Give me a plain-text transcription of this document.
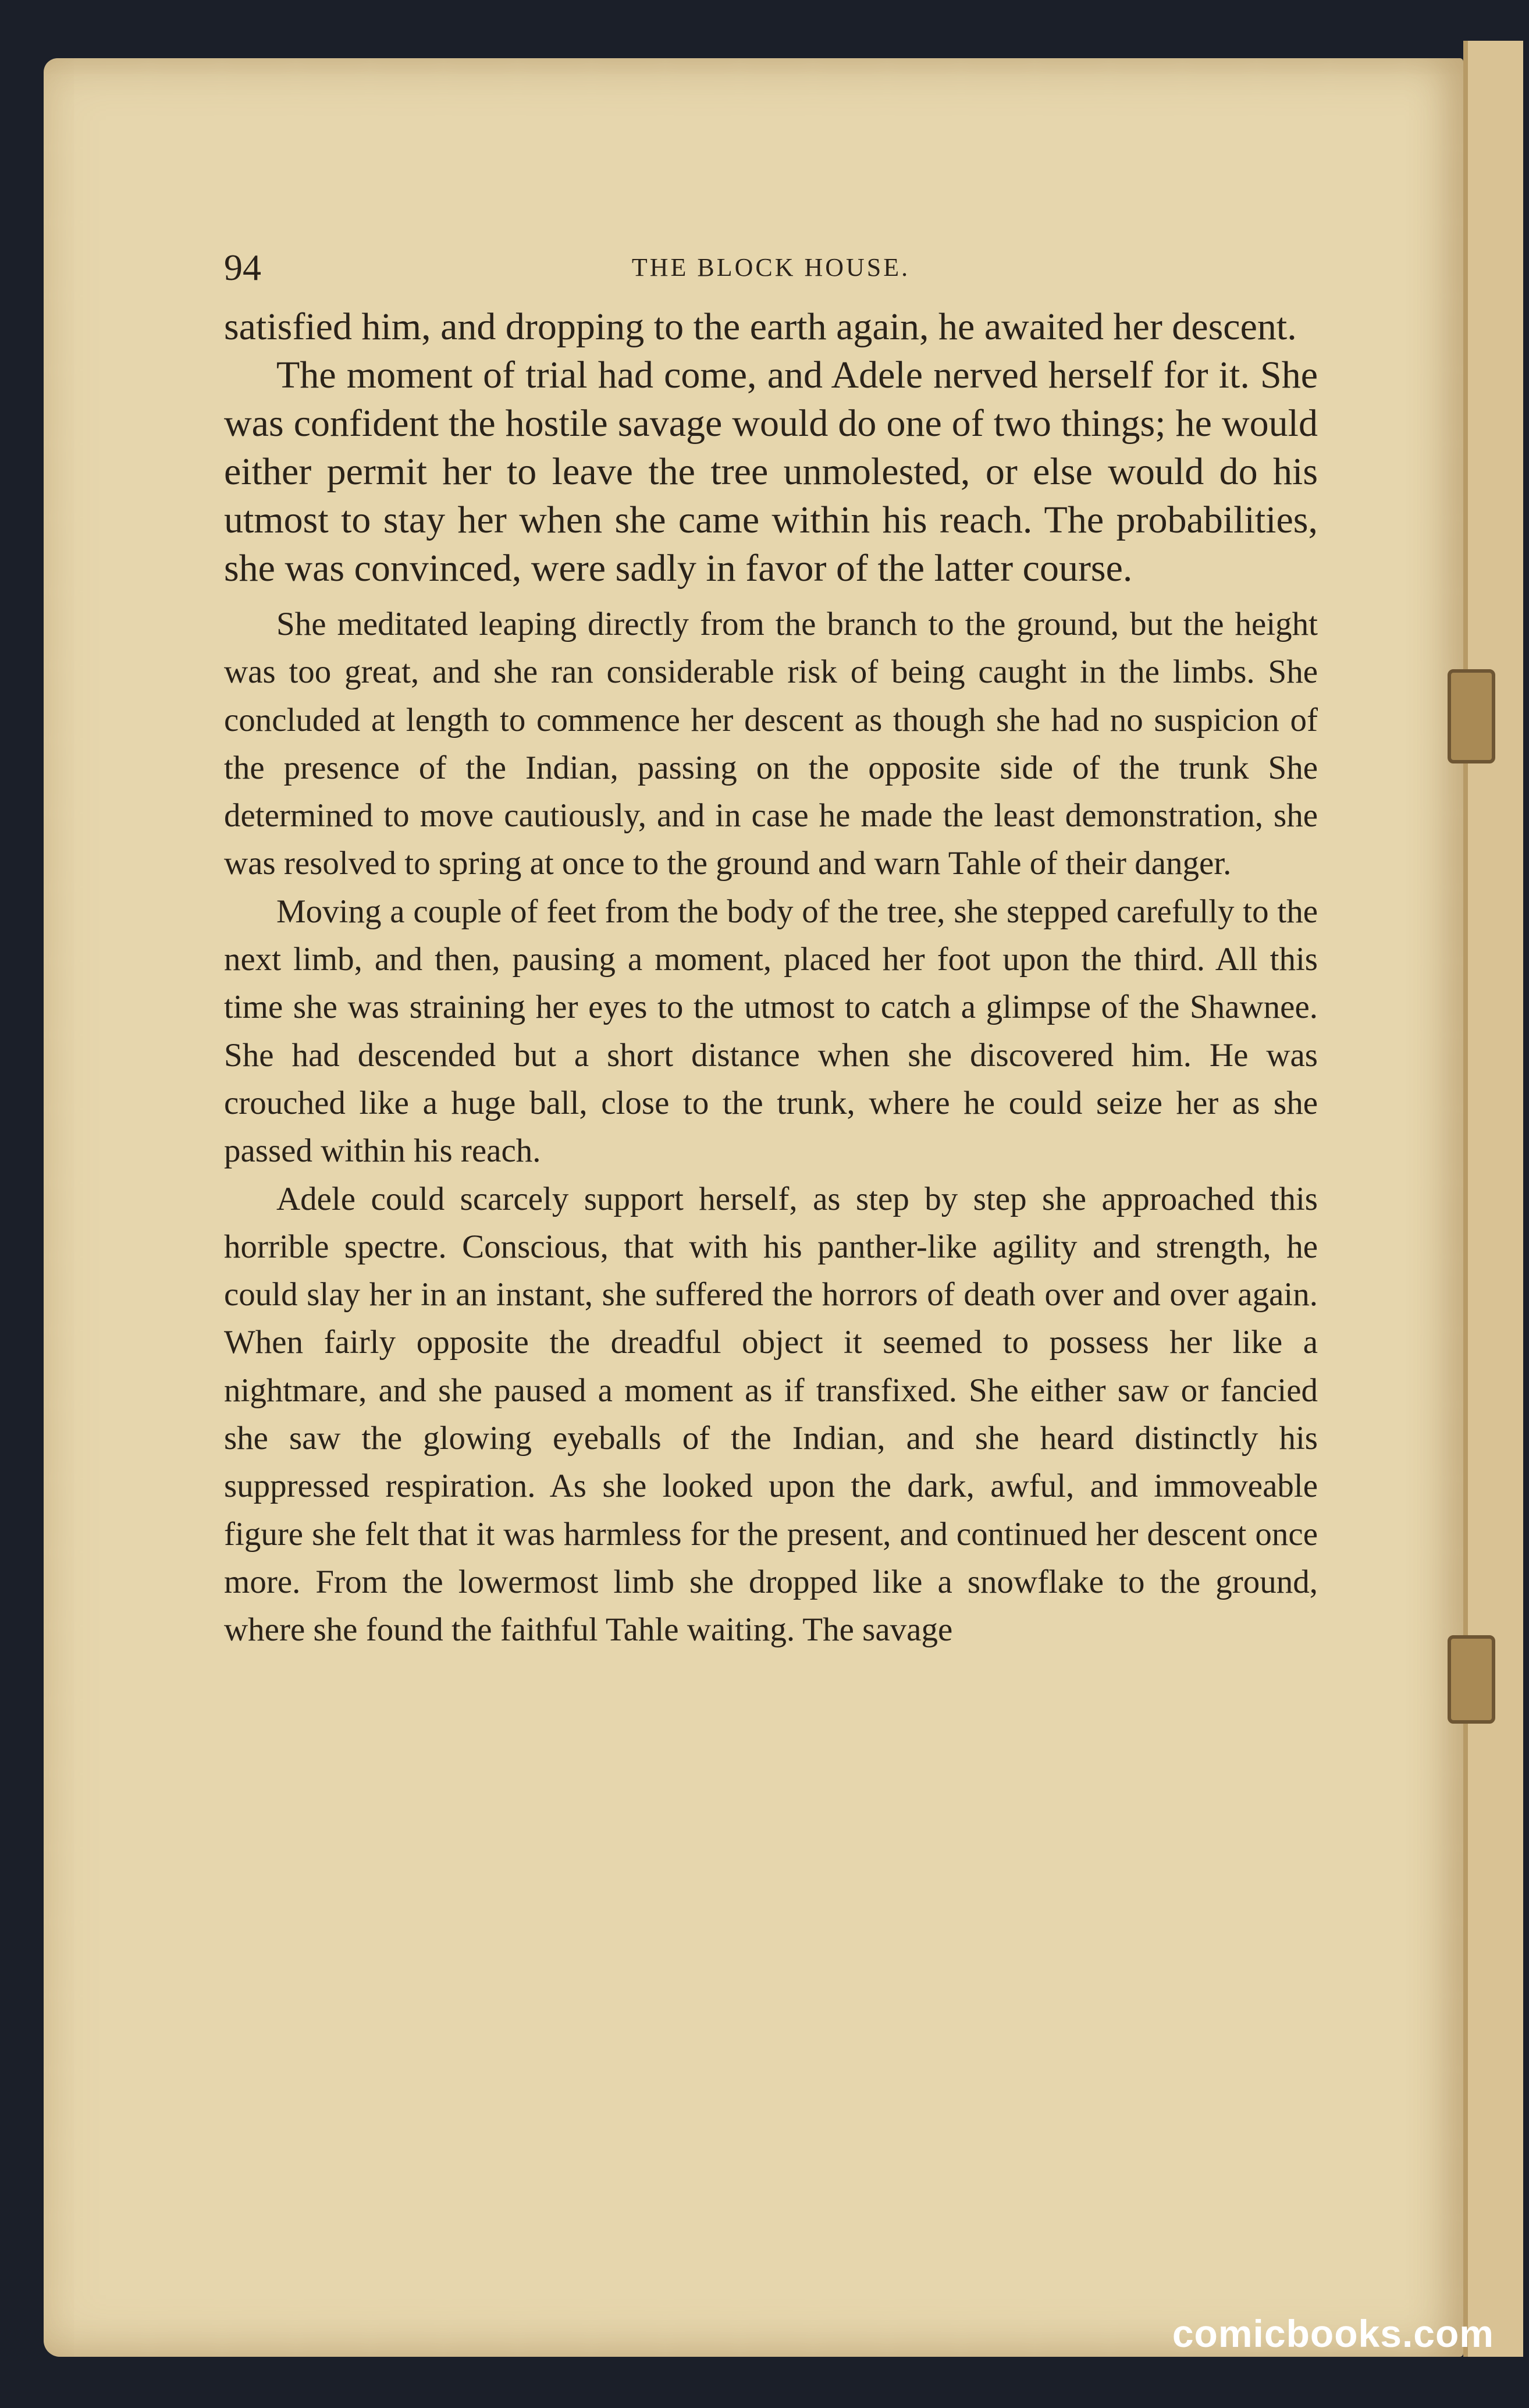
94	THE BLOCK HOUSE.

satisfied him, and dropping to the earth again, he awaited her descent.

The moment of trial had come, and Adele nerved herself for it. She was confident the hostile savage would do one of two things; he would either permit her to leave the tree unmolested, or else would do his utmost to stay her when she came within his reach. The probabilities, she was convinced, were sadly in favor of the latter course.

She meditated leaping directly from the branch to the ground, but the height was too great, and she ran considerable risk of being caught in the limbs. She concluded at length to commence her descent as though she had no suspicion of the presence of the Indian, passing on the opposite side of the trunk She determined to move cautiously, and in case he made the least demonstration, she was resolved to spring at once to the ground and warn Tahle of their danger.

Moving a couple of feet from the body of the tree, she stepped carefully to the next limb, and then, pausing a moment, placed her foot upon the third. All this time she was straining her eyes to the utmost to catch a glimpse of the Shawnee. She had descended but a short distance when she discovered him. He was crouched like a huge ball, close to the trunk, where he could seize her as she passed within his reach.

Adele could scarcely support herself, as step by step she approached this horrible spectre. Conscious, that with his panther-like agility and strength, he could slay her in an instant, she suffered the horrors of death over and over again. When fairly opposite the dreadful object it seemed to possess her like a nightmare, and she paused a moment as if transfixed. She either saw or fancied she saw the glowing eyeballs of the Indian, and she heard distinctly his suppressed respiration. As she looked upon the dark, awful, and immoveable figure she felt that it was harmless for the present, and continued her descent once more. From the lowermost limb she dropped like a snowflake to the ground, where she found the faithful Tahle waiting. The savage

comicbooks.com
